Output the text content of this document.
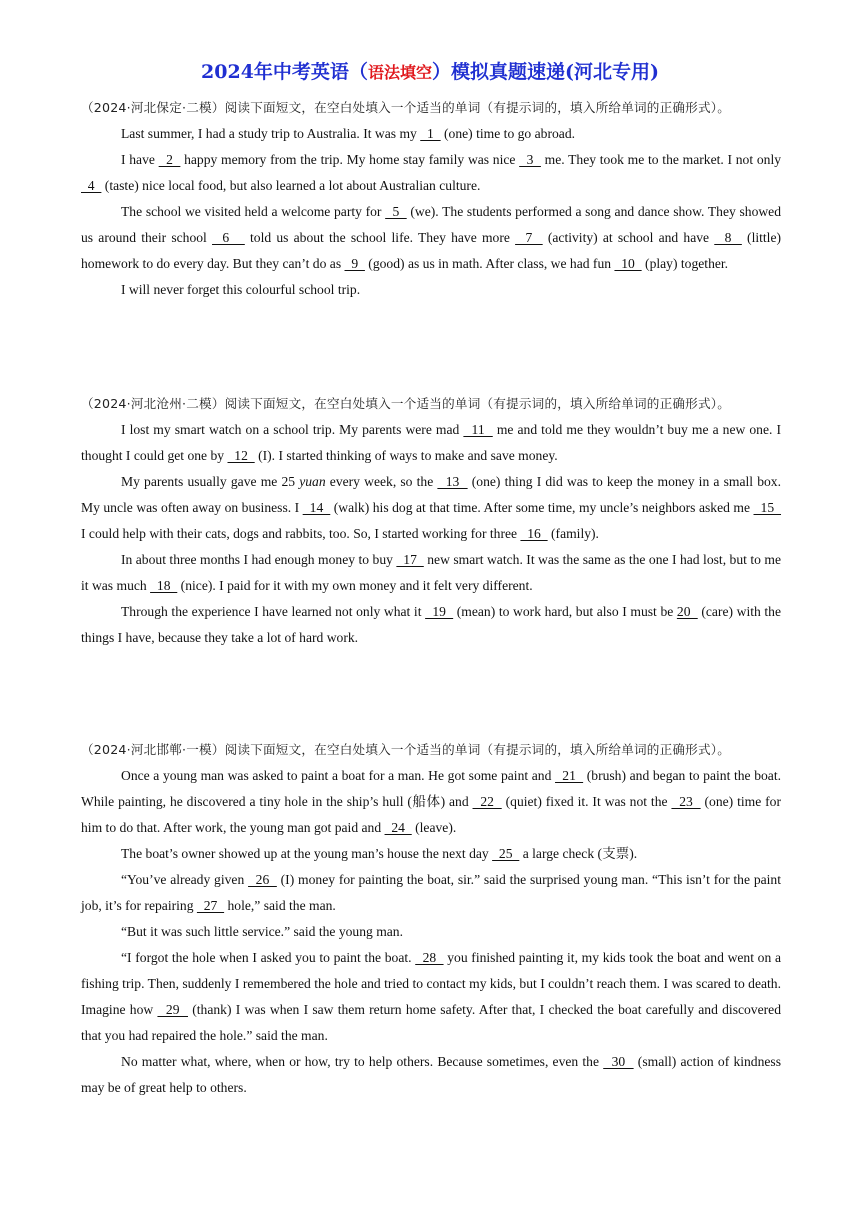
2024年中考英语（语法填空）模拟真题速递(河北专用)
（2024·河北保定·二模）阅读下面短文，在空白处填入一个适当的单词（有提示词的，填入所给单词的正确形式）。

Last summer, I had a study trip to Australia. It was my   1   (one) time to go abroad.

I have   2   happy memory from the trip. My home stay family was nice   3   me. They took me to the market. I not only   4   (taste) nice local food, but also learned a lot about Australian culture.

The school we visited held a welcome party for   5   (we). The students performed a song and dance show. They showed us around their school   6    told us about the school life. They have more   7   (activity) at school and have   8   (little) homework to do every day. But they can’t do as   9   (good) as us in math. After class, we had fun   10   (play) together.

I will never forget this colourful school trip.

（2024·河北沧州·二模）阅读下面短文，在空白处填入一个适当的单词（有提示词的，填入所给单词的正确形式）。

I lost my smart watch on a school trip. My parents were mad   11   me and told me they wouldn’t buy me a new one. I thought I could get one by   12   (I). I started thinking of ways to make and save money.

My parents usually gave me 25 yuan every week, so the   13   (one) thing I did was to keep the money in a small box. My uncle was often away on business. I   14   (walk) his dog at that time. After some time, my uncle’s neighbors asked me   15   I could help with their cats, dogs and rabbits, too. So, I started working for three   16   (family).

In about three months I had enough money to buy   17   new smart watch. It was the same as the one I had lost, but to me it was much   18   (nice). I paid for it with my own money and it felt very different.

Through the experience I have learned not only what it   19   (mean) to work hard, but also I must be 20   (care) with the things I have, because they take a lot of hard work.

（2024·河北邯郸·一模）阅读下面短文，在空白处填入一个适当的单词（有提示词的，填入所给单词的正确形式）。

Once a young man was asked to paint a boat for a man. He got some paint and   21   (brush) and began to paint the boat. While painting, he discovered a tiny hole in the ship’s hull (船体) and   22   (quiet) fixed it. It was not the   23   (one) time for him to do that. After work, the young man got paid and   24   (leave).

The boat’s owner showed up at the young man’s house the next day   25   a large check (支票).

“You’ve already given   26   (I) money for painting the boat, sir.” said the surprised young man. “This isn’t for the paint job, it’s for repairing   27   hole,” said the man.

“But it was such little service.” said the young man.

“I forgot the hole when I asked you to paint the boat.   28   you finished painting it, my kids took the boat and went on a fishing trip. Then, suddenly I remembered the hole and tried to contact my kids, but I couldn’t reach them. I was scared to death. Imagine how   29   (thank) I was when I saw them return home safety. After that, I checked the boat carefully and discovered that you had repaired the hole.” said the man.

No matter what, where, when or how, try to help others. Because sometimes, even the   30   (small) action of kindness may be of great help to others.
